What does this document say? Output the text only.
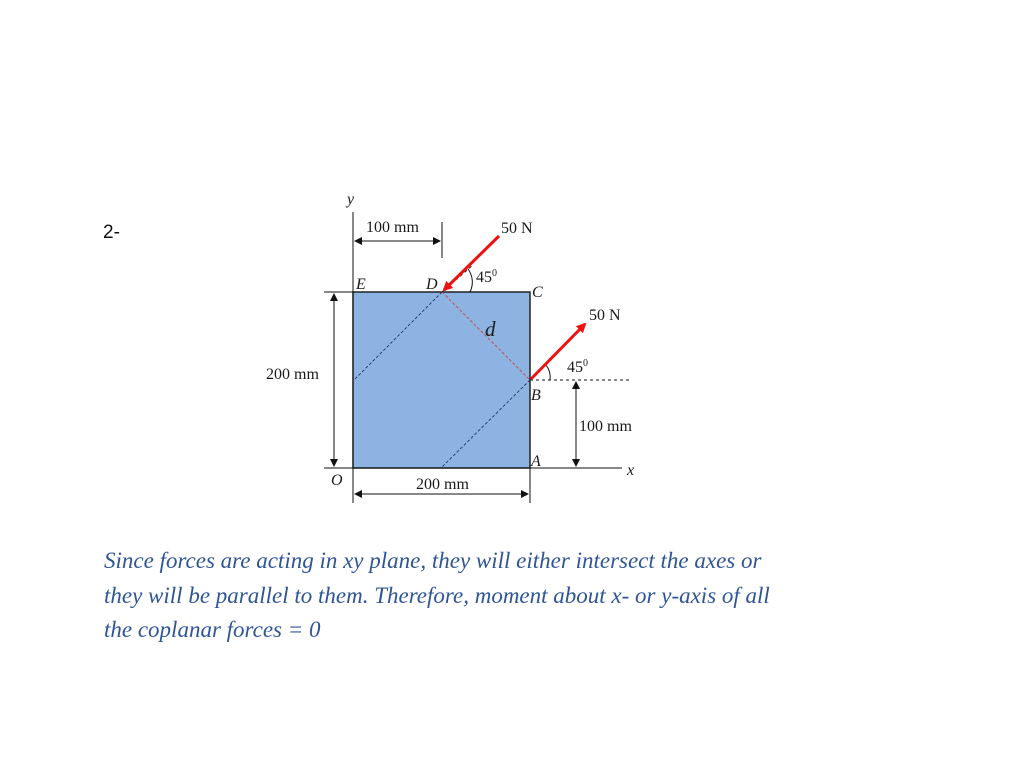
2-
y
x
O
A
B
C
D
E
d
50 N
50 N
$45^0$
$45^0$
100 mm
200 mm
100 mm
200 mm

Since forces are acting in xy plane, they will either intersect the axes or
they will be parallel to them. Therefore, moment about x- or y-axis of all
the coplanar forces = 0
